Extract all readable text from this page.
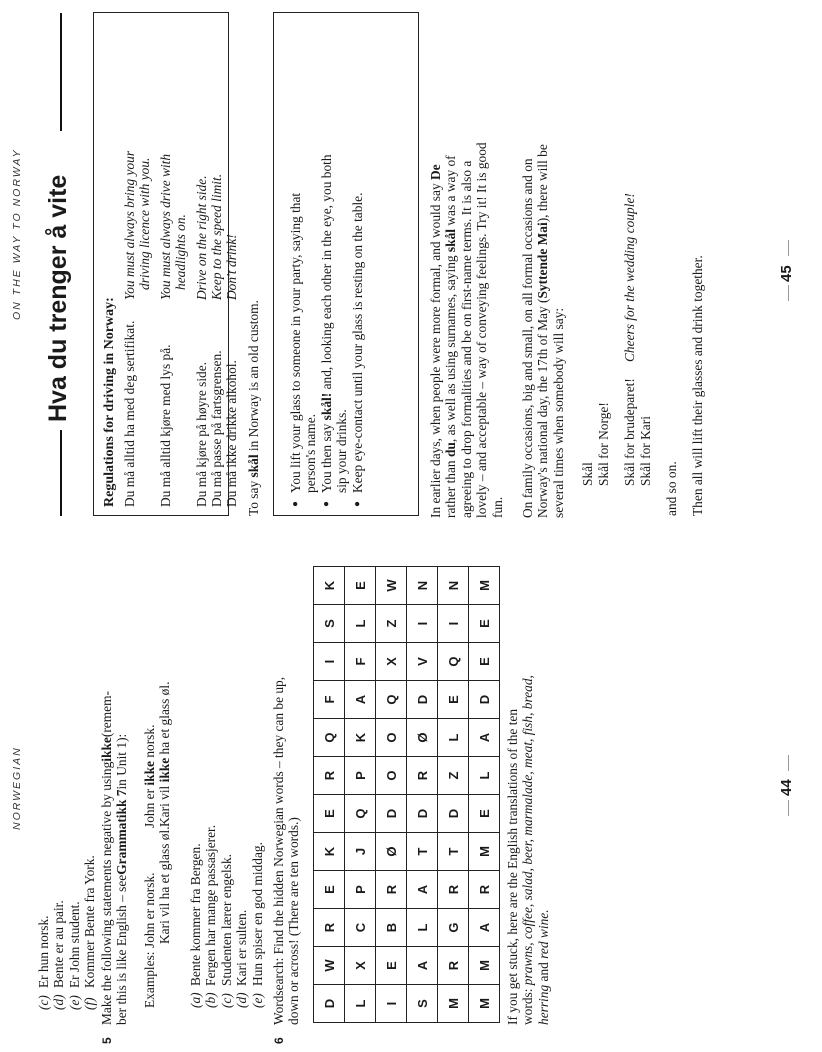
NORWEGIAN
(c)
Er hun norsk.
(d)
Bente er au pair.
(e)
Er John student.
(f)
Kommer Bente fra York.
5
Make the following statements negative by using
ikke
(remem-
ber this is like English – see
Grammatikk 7
in Unit 1):
Examples:
John er norsk.
John er ikke norsk.
Kari vil ha et glass øl.
Kari vil ikke ha et glass øl.
(a)
Bente kommer fra Bergen.
(b)
Fergen har mange passasjerer.
(c)
Studenten lærer engelsk.
(d)
Kari er sulten.
(e)
Hun spiser en god middag.
6
Wordsearch: Find the hidden Norwegian words – they can be up, down or across! (There are ten words.) D	W	R	E	K	E	R	Q	F	I	S	K
L	X	C	P	J	Q	P	K	A	F	L	E
I	E	B	R	Ø	D	O	O	Q	X	Z	W
S	A	L	A	T	D	R	Ø	D	V	I	N
M	R	G	R	T	D	Z	L	E	Q	I	N
M	M	A	R	M	E	L	A	D	E	E	M
If you get stuck, here are the English translations of the ten words: prawns, coffee, salad, beer, marmalade, meat, fish, bread,
herring and red wine.
44
ON THE WAY TO NORWAY Hva du trenger å vite Regulations for driving in Norway: Du må alltid ha med deg sertifikat.
You must always bring your driving licence with you.
Du må alltid kjøre med lys på.
You must always drive with headlights on.
Du må kjøre på høyre side.
Drive on the right side.
Du må passe på fartsgrensen.
Keep to the speed limit.
Du må ikke drikke alkohol.
Don't drink!
To say skål in Norway is an old custom. ● You lift your glass to someone in your party, saying that person's name. ● You then say skål! and, looking each other in the eye, you both
sip your drinks. ● Keep eye-contact until your glass is resting on the table.	In earlier days, when people were more formal, and would say De
rather than du, as well as using surnames, saying skål was a way of agreeing to drop formalities and be on first-name terms. It is also a lovely – and acceptable – way of conveying feelings. Try it! It is good fun. On family occasions, big and small, on all formal occasions and on Norway's national day, the 17th of May (Syttende Mai), there will be
several times when somebody will say: Skål Skål for Norge! Skål for brudeparet!
Cheers for the wedding couple!
Skål for Kari
and so on. Then all will lift their glasses and drink together.	45
